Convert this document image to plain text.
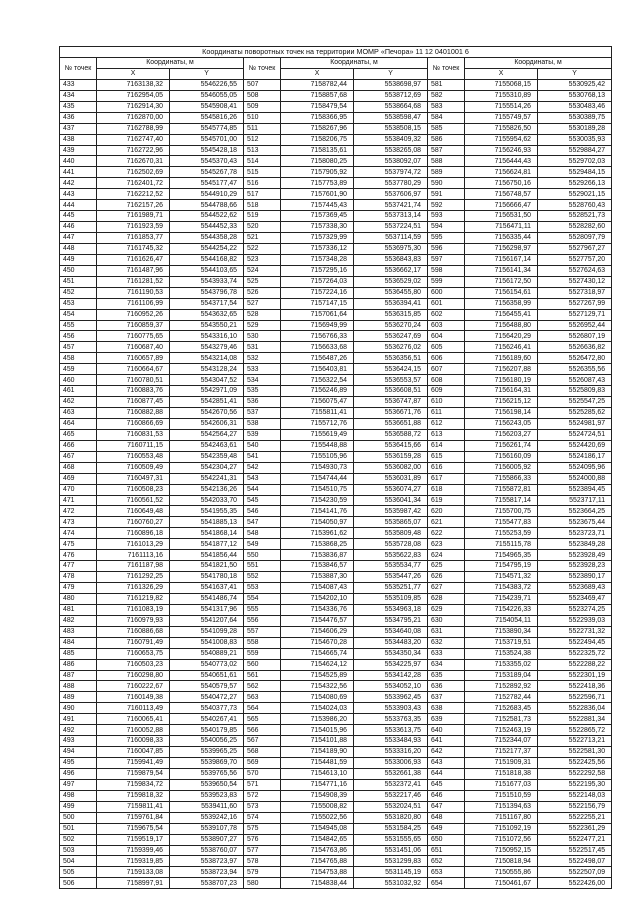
Координаты поворотных точек на территории МОМР «Печора» 11 12 0401001 6								
№ точек	Координаты, м		№ точек	Координаты, м		№ точек	Координаты, м	
	X	Y		X	Y		X	Y
433	7163138,32	5546226,55	507	7158782,44	5538698,97	581	7155068,15	5530925,42
434	7162954,05	5546055,05	508	7158857,68	5538712,69	582	7155310,89	5530768,13
435	7162914,30	5545908,41	509	7158479,54	5538664,68	583	7155514,26	5530483,46
436	7162870,00	5545816,26	510	7158366,95	5538598,47	584	7155749,57	5530389,75
437	7162788,99	5545774,85	511	7158267,96	5538508,15	585	7155826,50	5530189,28
438	7162747,40	5545701,00	512	7158206,75	5538409,32	586	7155954,62	5530035,93
439	7162722,96	5545428,18	513	7158135,61	5538265,08	587	7156246,93	5529884,27
440	7162670,31	5545370,43	514	7158080,25	5538092,07	588	7156444,43	5529702,03
441	7162502,69	5545267,78	515	7157905,92	5537974,72	589	7156624,81	5529484,15
442	7162401,72	5545177,47	516	7157753,89	5537780,29	590	7156750,16	5529266,13
443	7162212,52	5544910,29	517	7157601,90	5537606,97	591	7156748,57	5529021,15
444	7162157,26	5544788,66	518	7157445,43	5537421,74	592	7156666,47	5528760,43
445	7161989,71	5544522,62	519	7157369,45	5537313,14	593	7156531,50	5528521,73
446	7161923,59	5544452,33	520	7157338,30	5537224,51	594	7156471,11	5528282,60
447	7161853,77	5544358,28	521	7157329,99	5537114,59	595	7156335,44	5528097,79
448	7161745,32	5544254,22	522	7157336,12	5536975,30	596	7156298,97	5527967,27
449	7161626,47	5544168,82	523	7157348,28	5536843,83	597	7156167,14	5527757,20
450	7161487,96	5544103,65	524	7157295,16	5536662,17	598	7156141,34	5527624,63
451	7161281,52	5543933,74	525	7157264,03	5536529,02	599	7156172,50	5527430,12
452	7161190,53	5543796,78	526	7157224,16	5536455,80	600	7156154,61	5527318,97
453	7161106,99	5543717,54	527	7157147,15	5536394,41	601	7156358,99	5527267,99
454	7160952,26	5543632,65	528	7157061,64	5536315,85	602	7156455,41	5527129,71
455	7160859,37	5543550,21	529	7156949,99	5536270,24	603	7156488,80	5526952,44
456	7160775,65	5543316,10	530	7156766,33	5536247,69	604	7156420,29	5526807,19
457	7160687,40	5543279,46	531	7156633,68	5536276,02	605	7156246,41	5526636,82
458	7160657,89	5543214,08	532	7156487,26	5536356,51	606	7156189,60	5526472,80
459	7160664,67	5543128,24	533	7156403,81	5536424,15	607	7156207,88	5526355,56
460	7160780,51	5543047,52	534	7156322,54	5536553,57	608	7156180,19	5526087,43
461	7160883,76	5542971,09	535	7156246,89	5536608,51	609	7156164,31	5525809,83
462	7160877,45	5542851,41	536	7156075,47	5536747,87	610	7156215,12	5525547,25
463	7160882,88	5542670,56	537	7155811,41	5536671,76	611	7156198,14	5525285,62
464	7160866,69	5542606,31	538	7155712,76	5536651,88	612	7156243,05	5524981,97
465	7160831,53	5542564,27	539	7155619,49	5536588,72	613	7156203,27	5524724,51
466	7160711,15	5542463,61	540	7155448,88	5536415,66	614	7156261,74	5524420,69
467	7160553,48	5542359,48	541	7155105,96	5536159,28	615	7156160,09	5524186,17
468	7160509,49	5542304,27	542	7154930,73	5536082,00	616	7156005,92	5524095,96
469	7160497,31	5542241,31	543	7154744,44	5536031,89	617	7155866,33	5524000,88
470	7160508,23	5542136,26	544	7154510,75	5536074,27	618	7155872,81	5523894,45
471	7160561,52	5542033,70	545	7154230,59	5536041,34	619	7155817,14	5523717,11
472	7160649,48	5541955,35	546	7154141,76	5535987,42	620	7155700,75	5523664,25
473	7160760,27	5541885,13	547	7154050,97	5535865,07	621	7155477,83	5523675,44
474	7160896,18	5541868,14	548	7153961,62	5535809,48	622	7155253,59	5523723,71
475	7161013,29	5541877,12	549	7153868,25	5535728,08	623	7155115,78	5523849,28
476	7161113,16	5541856,44	550	7153836,87	5535622,83	624	7154965,35	5523928,49
477	7161187,98	5541821,50	551	7153846,57	5535534,77	625	7154795,19	5523928,23
478	7161292,25	5541780,18	552	7153887,30	5535447,26	626	7154571,32	5523890,17
479	7161326,29	5541637,41	553	7154087,43	5535251,77	627	7154383,72	5523689,43
480	7161219,82	5541486,74	554	7154202,10	5535109,85	628	7154239,71	5523469,47
481	7161083,19	5541317,96	555	7154336,76	5534963,18	629	7154226,33	5523274,25
482	7160979,93	5541207,64	556	7154476,57	5534795,21	630	7154054,11	5522939,03
483	7160886,68	5541099,28	557	7154606,29	5534640,08	631	7153890,34	5522731,32
484	7160791,49	5541008,83	558	7154670,28	5534483,20	632	7153719,51	5522494,45
485	7160653,75	5540889,21	559	7154665,74	5534350,34	633	7153524,38	5522325,72
486	7160503,23	5540773,02	560	7154624,12	5534225,97	634	7153355,02	5522288,22
487	7160298,80	5540651,61	561	7154525,89	5534142,28	635	7153189,04	5522301,19
488	7160222,67	5540579,57	562	7154322,56	5534052,10	636	7152892,92	5522418,36
489	7160149,38	5540472,27	563	7154080,69	5533962,45	637	7152782,44	5522596,71
490	7160113,49	5540377,73	564	7154024,03	5533903,43	638	7152683,45	5522836,04
491	7160065,41	5540267,41	565	7153986,20	5533763,35	639	7152581,73	5522881,34
492	7160052,88	5540179,85	566	7154015,96	5533613,75	640	7152463,19	5522865,72
493	7160098,33	5540056,25	567	7154101,88	5533484,93	641	7152344,07	5522713,21
494	7160047,85	5539965,25	568	7154189,90	5533316,20	642	7152177,37	5522581,30
495	7159941,49	5539869,70	569	7154481,59	5533006,93	643	7151909,31	5522425,56
496	7159879,54	5539765,56	570	7154613,10	5532661,38	644	7151818,38	5522292,58
497	7159834,72	5539650,54	571	7154771,16	5532372,41	645	7151677,03	5522195,30
498	7159818,32	5539523,83	572	7154908,39	5532217,46	646	7151510,59	5522148,03
499	7159811,41	5539411,60	573	7155008,82	5532024,51	647	7151394,63	5522156,79
500	7159761,84	5539242,16	574	7155022,56	5531820,80	648	7151167,80	5522255,21
501	7159675,54	5539107,78	575	7154945,08	5531584,25	649	7151092,19	5522361,29
502	7159519,17	5538907,27	576	7154842,65	5531555,65	650	7151072,56	5522477,21
503	7159399,46	5538760,07	577	7154763,86	5531451,06	651	7150952,15	5522517,45
504	7159319,85	5538723,97	578	7154765,88	5531299,83	652	7150818,94	5522498,07
505	7159133,08	5538723,94	579	7154753,88	5531145,19	653	7150555,86	5522507,09
506	7158997,91	5538707,23	580	7154838,44	5531032,92	654	7150461,67	5522426,00
